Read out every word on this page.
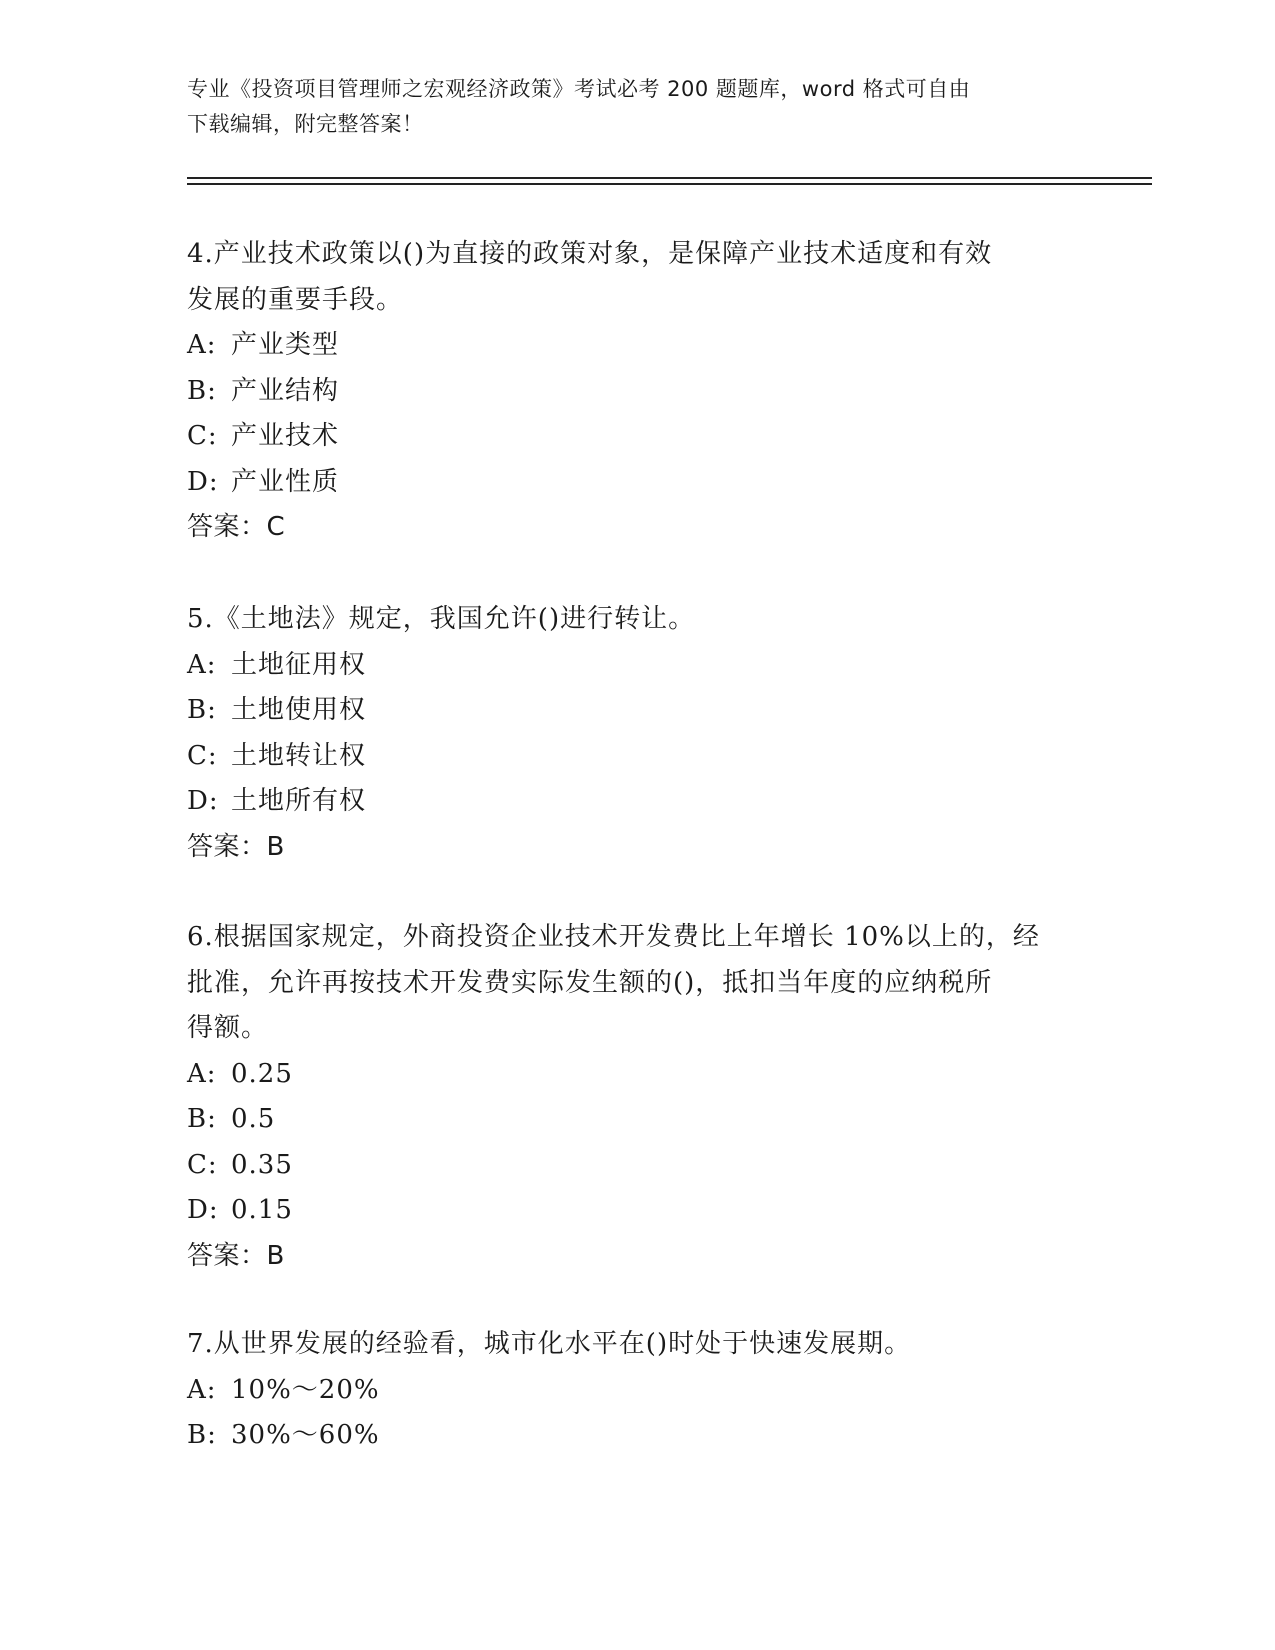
专业《投资项目管理师之宏观经济政策》考试必考 200 题题库，word 格式可自由
下载编辑，附完整答案！

4.产业技术政策以()为直接的政策对象，是保障产业技术适度和有效

发展的重要手段。

A: 产业类型

B: 产业结构

C: 产业技术

D: 产业性质

答案：C

5.《土地法》规定，我国允许()进行转让。

A: 土地征用权

B: 土地使用权

C: 土地转让权

D: 土地所有权

答案：B

6.根据国家规定，外商投资企业技术开发费比上年增长 10%以上的，经

批准，允许再按技术开发费实际发生额的()，抵扣当年度的应纳税所

得额。

A: 0.25

B: 0.5

C: 0.35

D: 0.15

答案：B

7.从世界发展的经验看，城市化水平在()时处于快速发展期。

A: 10%～20%

B: 30%～60%
